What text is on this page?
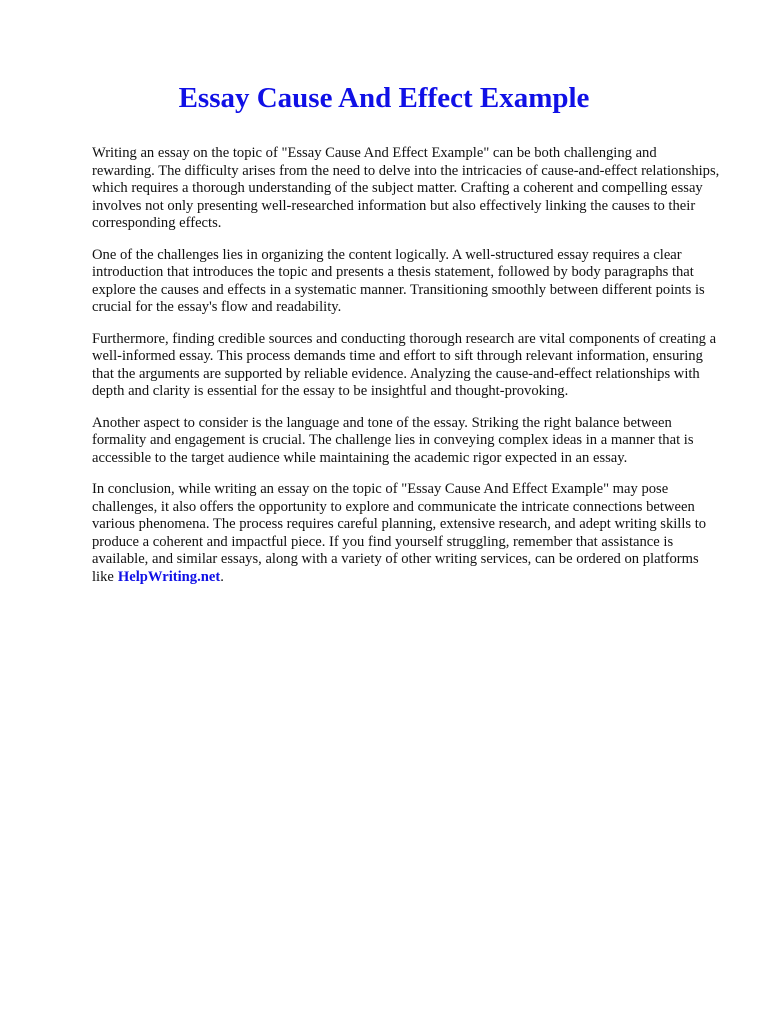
Essay Cause And Effect Example

Writing an essay on the topic of "Essay Cause And Effect Example" can be both challenging and rewarding. The difficulty arises from the need to delve into the intricacies of cause-and-effect relationships, which requires a thorough understanding of the subject matter. Crafting a coherent and compelling essay involves not only presenting well-researched information but also effectively linking the causes to their corresponding effects.

One of the challenges lies in organizing the content logically. A well-structured essay requires a clear introduction that introduces the topic and presents a thesis statement, followed by body paragraphs that explore the causes and effects in a systematic manner. Transitioning smoothly between different points is crucial for the essay's flow and readability.

Furthermore, finding credible sources and conducting thorough research are vital components of creating a well-informed essay. This process demands time and effort to sift through relevant information, ensuring that the arguments are supported by reliable evidence. Analyzing the cause-and-effect relationships with depth and clarity is essential for the essay to be insightful and thought-provoking.

Another aspect to consider is the language and tone of the essay. Striking the right balance between formality and engagement is crucial. The challenge lies in conveying complex ideas in a manner that is accessible to the target audience while maintaining the academic rigor expected in an essay.

In conclusion, while writing an essay on the topic of "Essay Cause And Effect Example" may pose challenges, it also offers the opportunity to explore and communicate the intricate connections between various phenomena. The process requires careful planning, extensive research, and adept writing skills to produce a coherent and impactful piece. If you find yourself struggling, remember that assistance is available, and similar essays, along with a variety of other writing services, can be ordered on platforms like HelpWriting.net.
